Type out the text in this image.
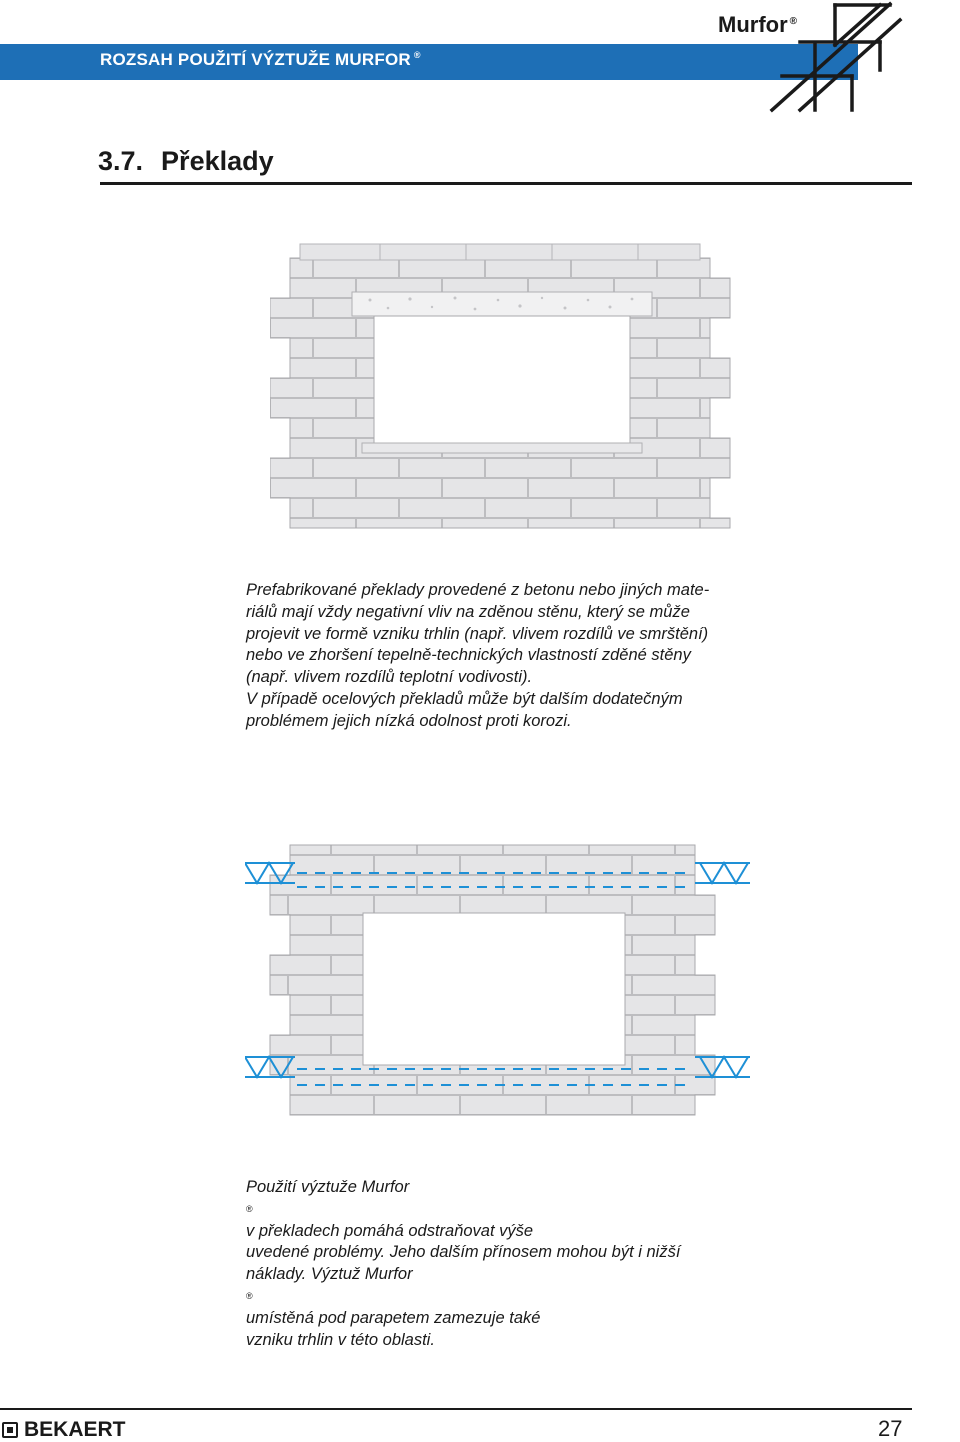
ROZSAH POUŽITÍ VÝZTUŽE MURFOR ®
Murfor ®
3.7. Překlady

Prefabrikované překlady provedené z betonu nebo jiných mate-
riálů mají vždy negativní vliv na zděnou stěnu, který se může
projevit ve formě vzniku trhlin (např. vlivem rozdílů ve smrštění)
nebo ve zhoršení tepelně-technických vlastností zděné stěny
(např. vlivem rozdílů teplotní vodivosti).
V případě ocelových překladů může být dalším dodatečným
problémem jejich nízká odolnost proti korozi.

Použití výztuže Murfor
®
v překladech pomáhá odstraňovat výše
uvedené problémy. Jeho dalším přínosem mohou být i nižší
náklady. Výztuž Murfor
®
umístěná pod parapetem zamezuje také
vzniku trhlin v této oblasti.

BEKAERT	27
